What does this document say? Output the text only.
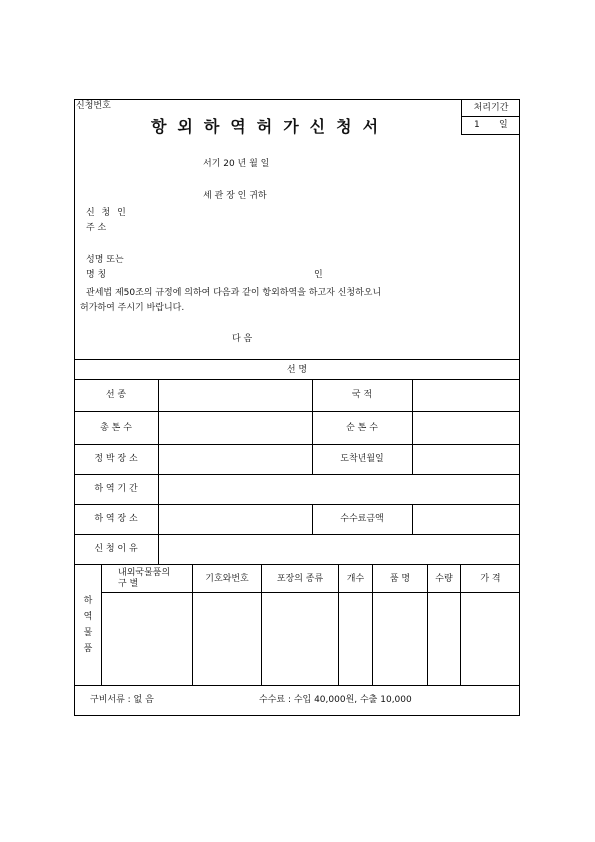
신청번호
항외하역허가신청서
처리기간
1 일
서기 20 년 월 일
세 관 장 인 귀하
신 청 인
주 소
성명 또는
명 칭	인
관세법 제50조의 규정에 의하여 다음과 같이 항외하역을 하고자 신청하오니
허가하여 주시기 바랍니다.
다 음
선 명
선 종	국 적
총 톤 수	순 톤 수
정 박 장 소	도착년월일
하 역 기 간
하 역 장 소	수수료금액
신 청 이 유
하
역
물
품
내외국물품의
구 별	기호와번호	포장의 종류	개수	품 명	수량	가 격
구비서류 : 없 음	수수료 : 수입 40,000원, 수출 10,000
